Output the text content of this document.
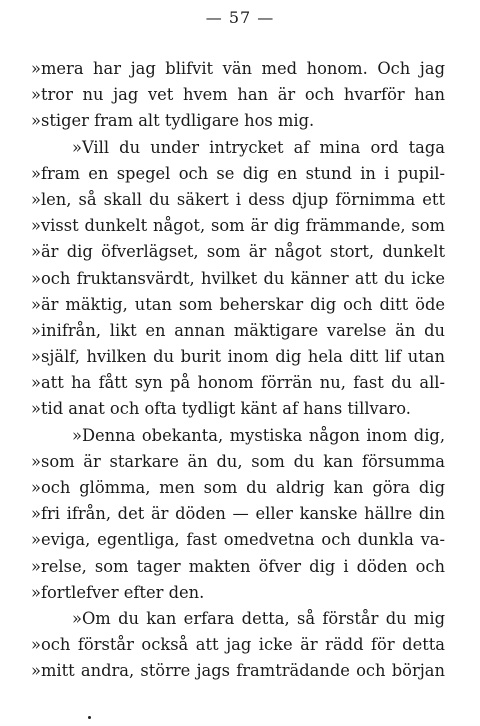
— 57 —
»mera har jag blifvit vän med honom. Och jag
»tror nu jag vet hvem han är och hvarför han
»stiger fram alt tydligare hos mig.
»Vill du under intrycket af mina ord taga
»fram en spegel och se dig en stund in i pupil-
»len, så skall du säkert i dess djup förnimma ett
»visst dunkelt något, som är dig främmande, som
»är dig öfverlägset, som är något stort, dunkelt
»och fruktansvärdt, hvilket du känner att du icke
»är mäktig, utan som beherskar dig och ditt öde
»inifrån, likt en annan mäktigare varelse än du
»själf, hvilken du burit inom dig hela ditt lif utan
»att ha fått syn på honom förrän nu, fast du all-
»tid anat och ofta tydligt känt af hans tillvaro.
»Denna obekanta, mystiska någon inom dig,
»som är starkare än du, som du kan försumma
»och glömma, men som du aldrig kan göra dig
»fri ifrån, det är döden — eller kanske hällre din
»eviga, egentliga, fast omedvetna och dunkla va-
»relse, som tager makten öfver dig i döden och
»fortlefver efter den.
»Om du kan erfara detta, så förstår du mig
»och förstår också att jag icke är rädd för detta
»mitt andra, större jags framträdande och början
